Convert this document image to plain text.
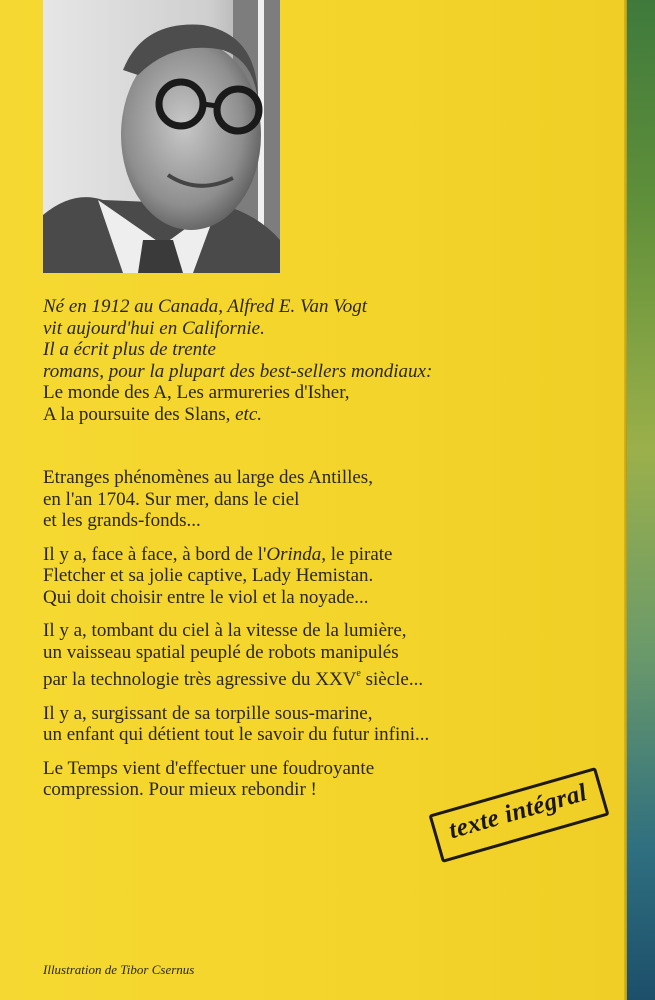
Né en 1912 au Canada, Alfred E. Van Vogt
vit aujourd'hui en Californie.
Il a écrit plus de trente
romans, pour la plupart des best-sellers mondiaux:
Le monde des A, Les armureries d'Isher,
A la poursuite des Slans, etc.

Etranges phénomènes au large des Antilles,
en l'an 1704. Sur mer, dans le ciel
et les grands-fonds...

Il y a, face à face, à bord de l'Orinda, le pirate
Fletcher et sa jolie captive, Lady Hemistan.
Qui doit choisir entre le viol et la noyade...

Il y a, tombant du ciel à la vitesse de la lumière,
un vaisseau spatial peuplé de robots manipulés
par la technologie très agressive du XXVe siècle...

Il y a, surgissant de sa torpille sous-marine,
un enfant qui détient tout le savoir du futur infini...

Le Temps vient d'effectuer une foudroyante
compression. Pour mieux rebondir !	texte intégral
Illustration de Tibor Csernus
